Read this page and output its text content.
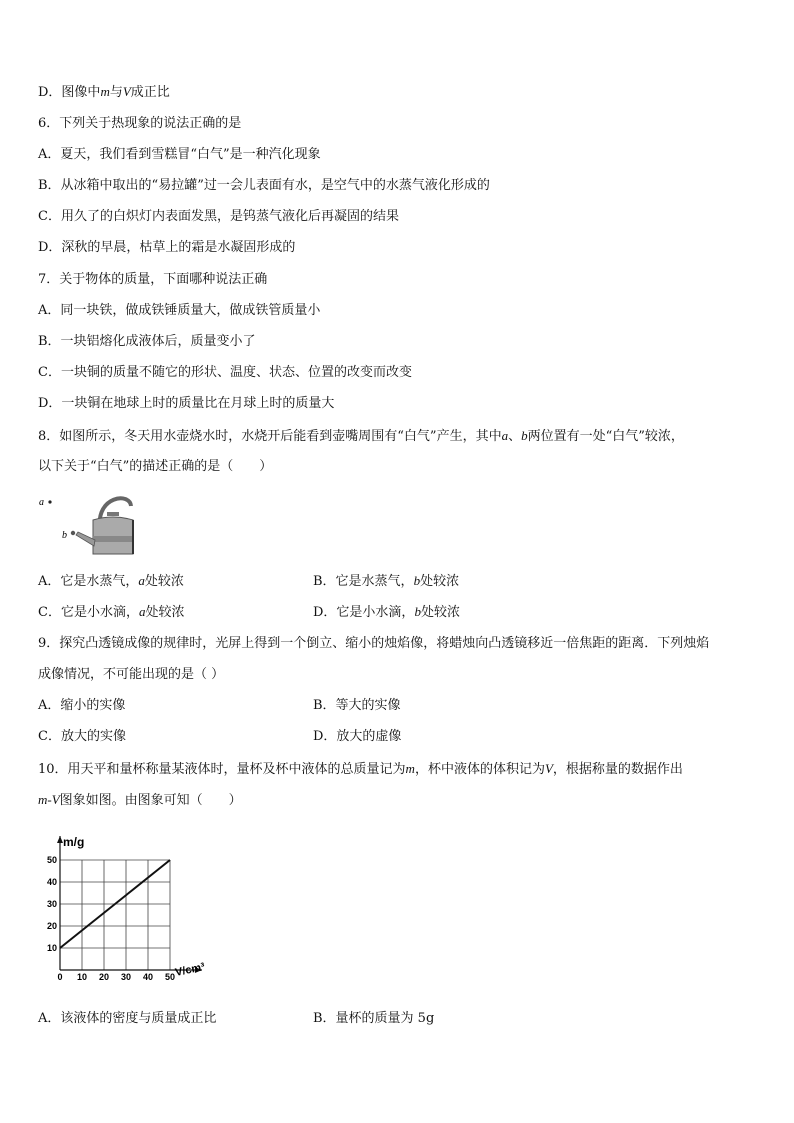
D．图像中m与V成正比
6．下列关于热现象的说法正确的是
A．夏天，我们看到雪糕冒“白气”是一种汽化现象
B．从冰箱中取出的“易拉罐”过一会儿表面有水，是空气中的水蒸气液化形成的
C．用久了的白炽灯内表面发黑，是钨蒸气液化后再凝固的结果
D．深秋的早晨，枯草上的霜是水凝固形成的
7．关于物体的质量，下面哪种说法正确
A．同一块铁，做成铁锤质量大，做成铁管质量小
B．一块铝熔化成液体后，质量变小了
C．一块铜的质量不随它的形状、温度、状态、位置的改变而改变
D．一块铜在地球上时的质量比在月球上时的质量大
8．如图所示，冬天用水壶烧水时，水烧开后能看到壶嘴周围有“白气”产生，其中a、b两位置有一处“白气”较浓，
以下关于“白气”的描述正确的是（　　）
a
b
A．它是水蒸气，a处较浓	B．它是水蒸气，b处较浓
C．它是小水滴，a处较浓	D．它是小水滴，b处较浓
9．探究凸透镜成像的规律时，光屏上得到一个倒立、缩小的烛焰像，将蜡烛向凸透镜移近一倍焦距的距离．下列烛焰
成像情况，不可能出现的是（ ）
A．缩小的实像	B．等大的实像
C．放大的实像	D．放大的虚像
10．用天平和量杯称量某液体时，量杯及杯中液体的总质量记为m，杯中液体的体积记为V，根据称量的数据作出
m-V图象如图。由图象可知（　　）
0 10 20 30 40 50
10
20
30
40
50
m/g
V/cm³
A．该液体的密度与质量成正比	B．量杯的质量为 5g
